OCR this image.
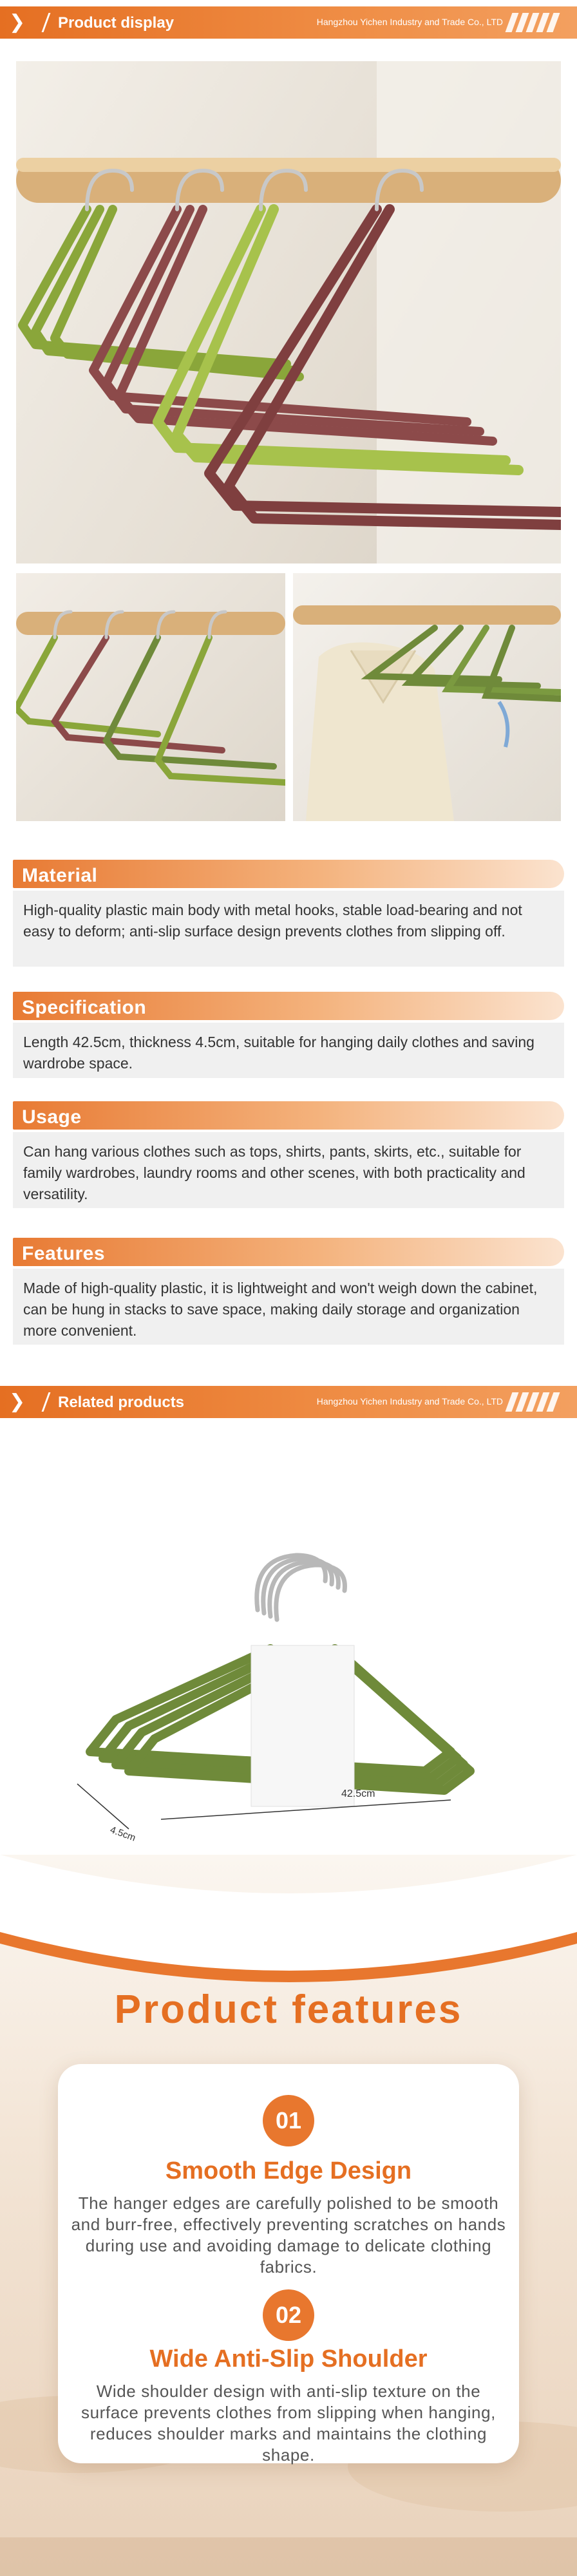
❯	Product display	Hangzhou Yichen Industry and Trade Co., LTD
Material

High-quality plastic main body with metal hooks, stable load-bearing and not easy to deform; anti-slip surface design prevents clothes from slipping off.

Specification

Length 42.5cm, thickness 4.5cm, suitable for hanging daily clothes and saving wardrobe space.

Usage

Can hang various clothes such as tops, shirts, pants, skirts, etc., suitable for family wardrobes, laundry rooms and other scenes, with both practicality and versatility.

Features

Made of high-quality plastic, it is lightweight and won't weigh down the cabinet, can be hung in stacks to save space, making daily storage and organization more convenient.

❯	Related products	Hangzhou Yichen Industry and Trade Co., LTD
42.5cm
4.5cm
Product features
01
Smooth Edge Design
The hanger edges are carefully polished to be smooth and burr-free, effectively preventing scratches on hands during use and avoiding damage to delicate clothing fabrics.
02
Wide Anti-Slip Shoulder
Wide shoulder design with anti-slip texture on the surface prevents clothes from slipping when hanging, reduces shoulder marks and maintains the clothing shape.
